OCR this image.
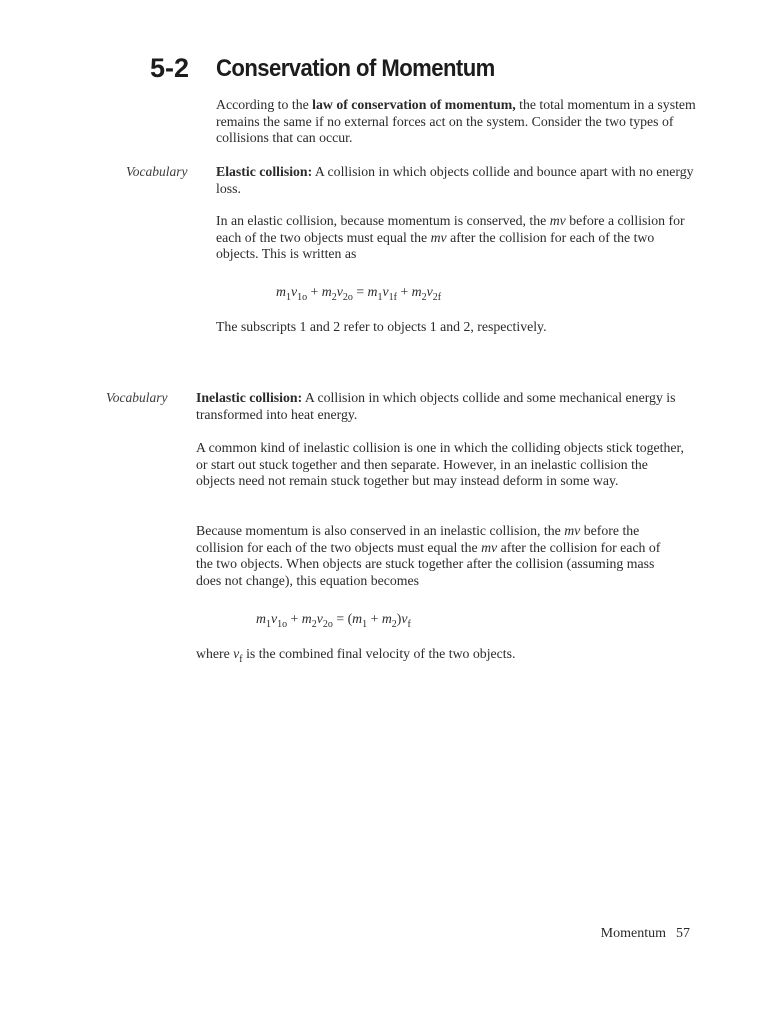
5-2 Conservation of Momentum

According to the law of conservation of momentum, the total momentum in a system remains the same if no external forces act on the system. Consider the two types of collisions that can occur.

Vocabulary Elastic collision: A collision in which objects collide and bounce apart with no energy loss.

In an elastic collision, because momentum is conserved, the mv before a collision for each of the two objects must equal the mv after the collision for each of the two objects. This is written as

$m_1v_{1o} + m_2v_{2o} = m_1v_{1f} + m_2v_{2f}$

The subscripts 1 and 2 refer to objects 1 and 2, respectively.

Vocabulary Inelastic collision: A collision in which objects collide and some mechanical energy is transformed into heat energy.

A common kind of inelastic collision is one in which the colliding objects stick together, or start out stuck together and then separate. However, in an inelastic collision the objects need not remain stuck together but may instead deform in some way.

Because momentum is also conserved in an inelastic collision, the mv before the collision for each of the two objects must equal the mv after the collision for each of the two objects. When objects are stuck together after the collision (assuming mass does not change), this equation becomes

$m_1v_{1o} + m_2v_{2o} = (m_1 + m_2)v_f$

where $v_f$ is the combined final velocity of the two objects.

Momentum 57
